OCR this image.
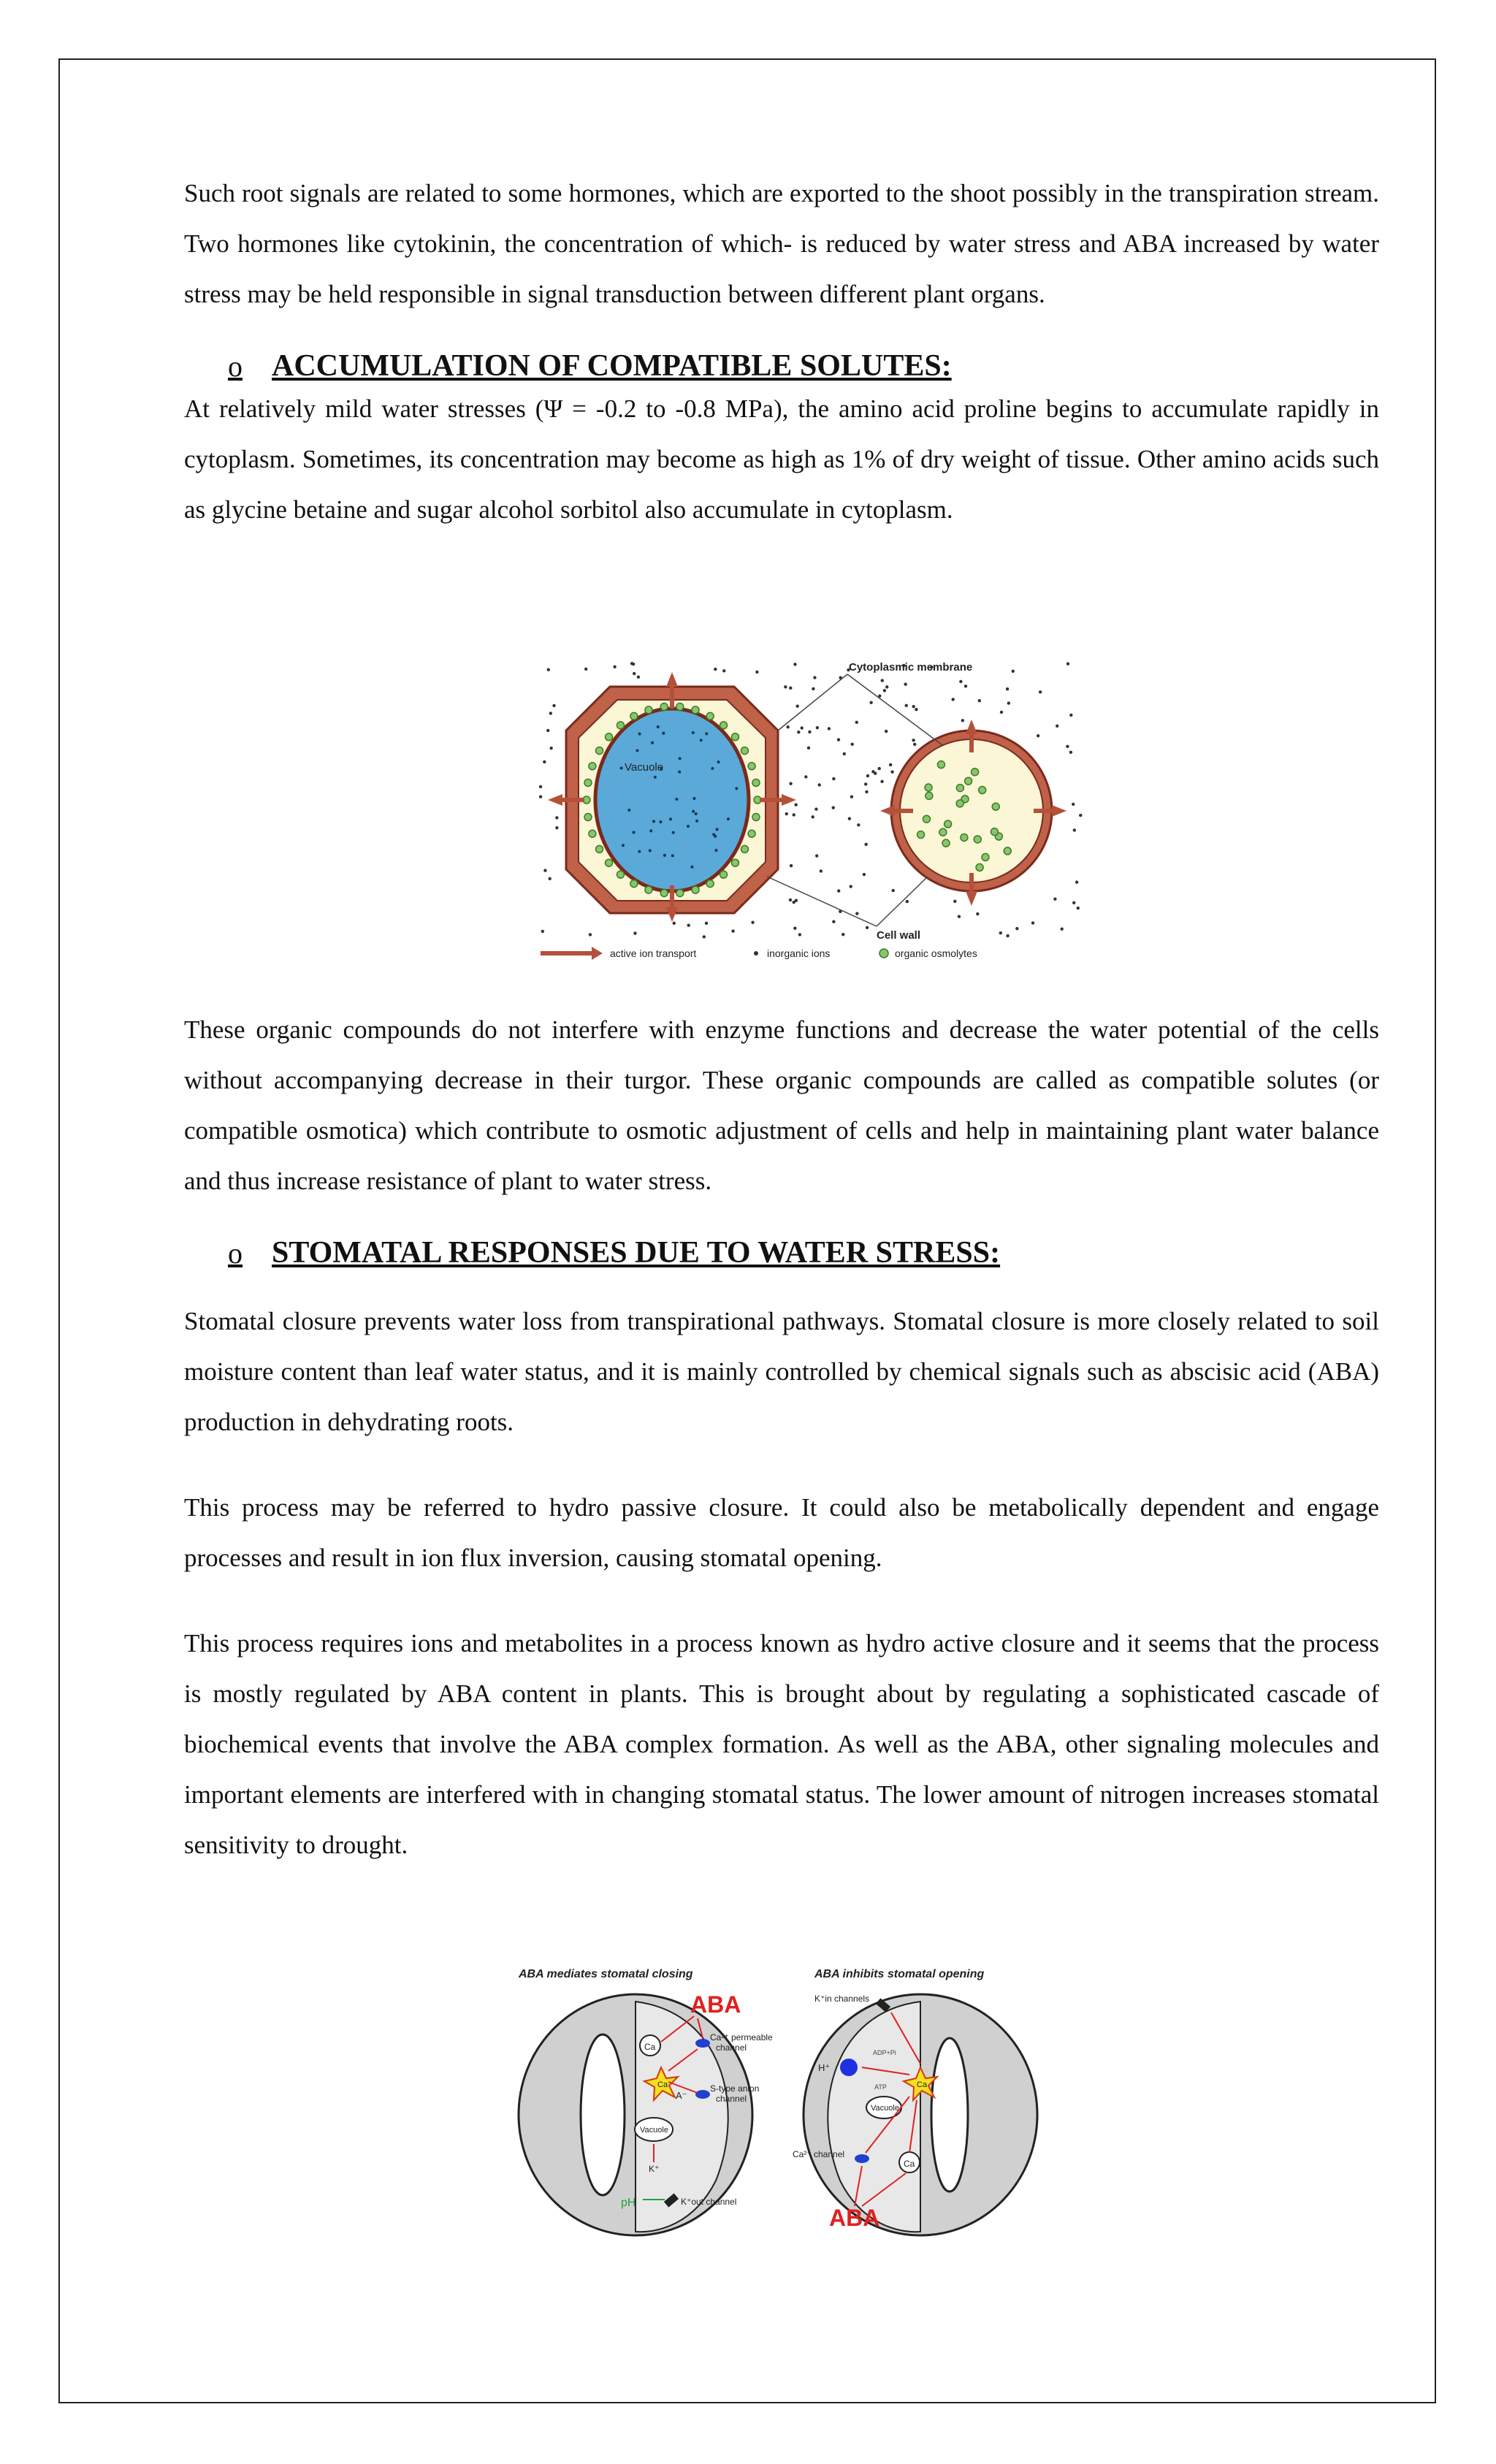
Such root signals are related to some hormones, which are exported to the shoot possibly in the transpiration stream. Two hormones like cytokinin, the concentration of which- is reduced by water stress and ABA increased by water stress may be held responsible in signal transduction between different plant organs.

o ACCUMULATION OF COMPATIBLE SOLUTES:

At relatively mild water stresses (Ψ = -0.2 to -0.8 MPa), the amino acid proline begins to accumulate rapidly in cytoplasm. Sometimes, its concentration may become as high as 1% of dry weight of tissue. Other amino acids such as glycine betaine and sugar alcohol sorbitol also accumulate in cytoplasm.

Vacuole
Cytoplasmic membrane
Cell wall
active ion transport	inorganic ions	organic osmolytes

These organic compounds do not interfere with enzyme functions and decrease the water potential of the cells without accompanying decrease in their turgor. These organic compounds are called as compatible solutes (or compatible osmotica) which contribute to osmotic adjustment of cells and help in maintaining plant water balance and thus increase resistance of plant to water stress.

o STOMATAL RESPONSES DUE TO WATER STRESS:

Stomatal closure prevents water loss from transpirational pathways. Stomatal closure is more closely related to soil moisture content than leaf water status, and it is mainly controlled by chemical signals such as abscisic acid (ABA) production in dehydrating roots.

This process may be referred to hydro passive closure. It could also be metabolically dependent and engage processes and result in ion flux inversion, causing stomatal opening.

This process requires ions and metabolites in a process known as hydro active closure and it seems that the process is mostly regulated by ABA content in plants. This is brought about by regulating a sophisticated cascade of biochemical events that involve the ABA complex formation. As well as the ABA, other signaling molecules and important elements are interfered with in changing stomatal status. The lower amount of nitrogen increases stomatal sensitivity to drought.

ABA mediates stomatal closing	ABA inhibits stomatal opening
ABA
Ca
Ca
Ca²⁺ permeable
channel
S-type anion
channel
A⁻
Vacuole
K⁺
K⁺out channel
pH
K⁺in channels
H⁺
ADP+Pi
ATP	Ca
Vacuole
Ca²⁺ channel
Ca
ABA
